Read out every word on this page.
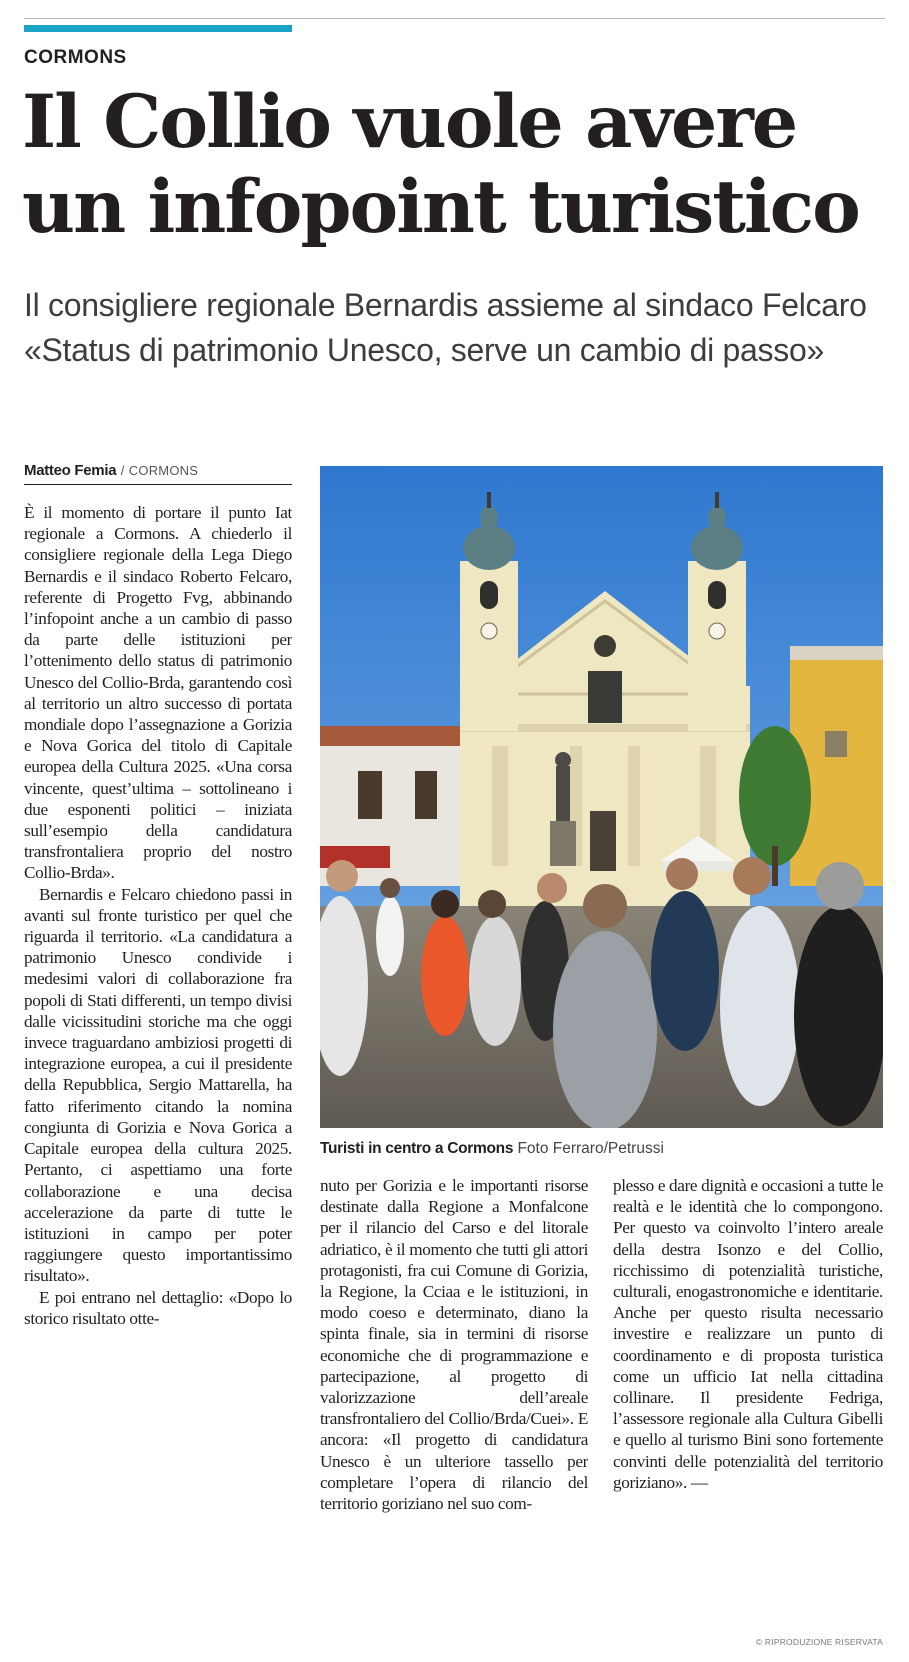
CORMONS
Il Collio vuole avere un infopoint turistico
Il consigliere regionale Bernardis assieme al sindaco Felcaro
«Status di patrimonio Unesco, serve un cambio di passo»
Matteo Femia / CORMONS

È il momento di portare il punto Iat regionale a Cormons. A chiederlo il consigliere regionale della Lega Diego Bernardis e il sindaco Roberto Felcaro, referente di Progetto Fvg, abbinando l’infopoint anche a un cambio di passo da parte delle istituzioni per l’ottenimento dello status di patrimonio Unesco del Collio-Brda, garantendo così al territorio un altro successo di portata mondiale dopo l’assegnazione a Gorizia e Nova Gorica del titolo di Capitale europea della Cultura 2025. «Una corsa vincente, quest’ultima – sottolineano i due esponenti politici – iniziata sull’esempio della candidatura transfrontaliera proprio del nostro Collio-Brda».

Bernardis e Felcaro chiedono passi in avanti sul fronte turistico per quel che riguarda il territorio. «La candidatura a patrimonio Unesco condivide i medesimi valori di collaborazione fra popoli di Stati differenti, un tempo divisi dalle vicissitudini storiche ma che oggi invece traguardano ambiziosi progetti di integrazione europea, a cui il presidente della Repubblica, Sergio Mattarella, ha fatto riferimento citando la nomina congiunta di Gorizia e Nova Gorica a Capitale europea della cultura 2025. Pertanto, ci aspettiamo una forte collaborazione e una decisa accelerazione da parte di tutte le istituzioni in campo per poter raggiungere questo importantissimo risultato».

E poi entrano nel dettaglio: «Dopo lo storico risultato otte-

Turisti in centro a Cormons Foto Ferraro/Petrussi

nuto per Gorizia e le importanti risorse destinate dalla Regione a Monfalcone per il rilancio del Carso e del litorale adriatico, è il momento che tutti gli attori protagonisti, fra cui Comune di Gorizia, la Regione, la Cciaa e le istituzioni, in modo coeso e determinato, diano la spinta finale, sia in termini di risorse economiche che di programmazione e partecipazione, al progetto di valorizzazione dell’areale transfrontaliero del Collio/Brda/Cuei». E ancora: «Il progetto di candidatura Unesco è un ulteriore tassello per completare l’opera di rilancio del territorio goriziano nel suo com-

plesso e dare dignità e occasioni a tutte le realtà e le identità che lo compongono. Per questo va coinvolto l’intero areale della destra Isonzo e del Collio, ricchissimo di potenzialità turistiche, culturali, enogastronomiche e identitarie. Anche per questo risulta necessario investire e realizzare un punto di coordinamento e di proposta turistica come un ufficio Iat nella cittadina collinare. Il presidente Fedriga, l’assessore regionale alla Cultura Gibelli e quello al turismo Bini sono fortemente convinti delle potenzialità del territorio goriziano». —

© RIPRODUZIONE RISERVATA
